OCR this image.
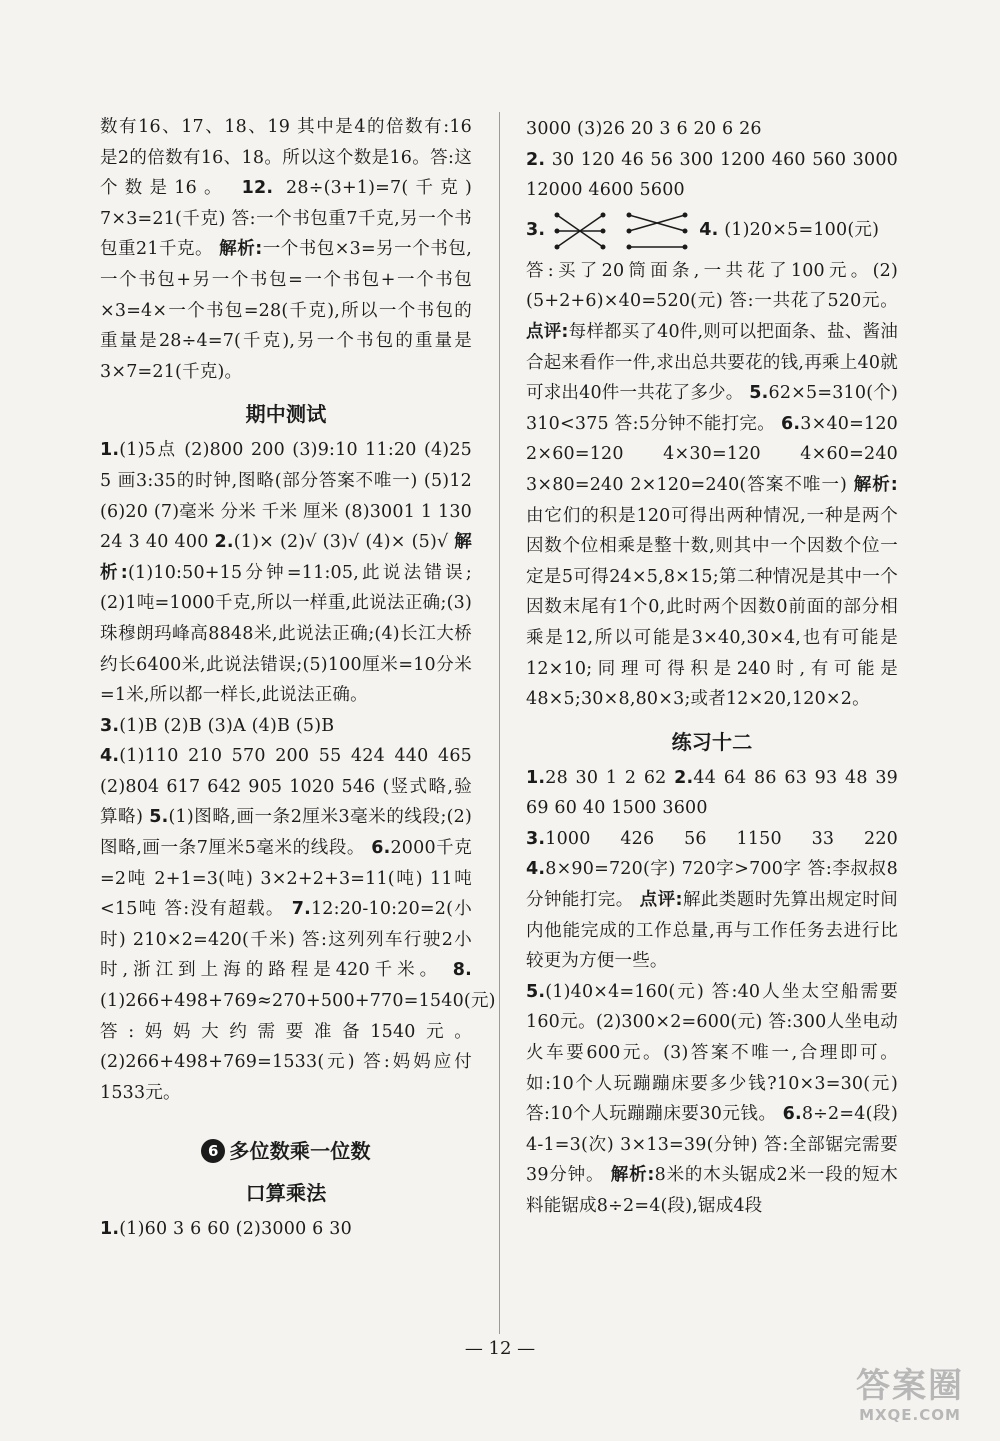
数有16、17、18、19 其中是4的倍数有:16 是2的倍数有16、18。所以这个数是16。答:这个数是16。 12. 28÷(3+1)=7(千克) 7×3=21(千克) 答:一个书包重7千克,另一个书包重21千克。 解析:一个书包×3=另一个书包,一个书包+另一个书包=一个书包+一个书包×3=4×一个书包=28(千克),所以一个书包的重量是28÷4=7(千克),另一个书包的重量是3×7=21(千克)。

期中测试

1.(1)5点 (2)800 200 (3)9:10 11:20 (4)25 5 画3:35的时钟,图略(部分答案不唯一) (5)12 (6)20 (7)毫米 分米 千米 厘米 (8)3001 1 130 24 3 40 400 2.(1)× (2)√ (3)√ (4)× (5)√ 解析:(1)10:50+15分钟=11:05,此说法错误;(2)1吨=1000千克,所以一样重,此说法正确;(3)珠穆朗玛峰高8848米,此说法正确;(4)长江大桥约长6400米,此说法错误;(5)100厘米=10分米=1米,所以都一样长,此说法正确。
3.(1)B (2)B (3)A (4)B (5)B
4.(1)110 210 570 200 55 424 440 465 (2)804 617 642 905 1020 546 (竖式略,验算略) 5.(1)图略,画一条2厘米3毫米的线段;(2)图略,画一条7厘米5毫米的线段。 6.2000千克=2吨 2+1=3(吨) 3×2+2+3=11(吨) 11吨<15吨 答:没有超载。 7.12:20-10:20=2(小时) 210×2=420(千米) 答:这列列车行驶2小时,浙江到上海的路程是420千米。 8.(1)266+498+769≈270+500+770=1540(元) 答:妈妈大约需要准备1540元。(2)266+498+769=1533(元) 答:妈妈应付1533元。

6 多位数乘一位数
口算乘法

1.(1)60 3 6 60 (2)3000 6 30

3000 (3)26 20 3 6 20 6 26
2. 30 120 46 56 300 1200 460 560 3000 12000 4600 5600

3.	4.
(1)20×5=100(元)

答:买了20筒面条,一共花了100元。(2)(5+2+6)×40=520(元) 答:一共花了520元。 点评:每样都买了40件,则可以把面条、盐、酱油合起来看作一件,求出总共要花的钱,再乘上40就可求出40件一共花了多少。 5.62×5=310(个) 310<375 答:5分钟不能打完。 6.3×40=120 2×60=120 4×30=120 4×60=240 3×80=240 2×120=240(答案不唯一) 解析:由它们的积是120可得出两种情况,一种是两个因数个位相乘是整十数,则其中一个因数个位一定是5可得24×5,8×15;第二种情况是其中一个因数末尾有1个0,此时两个因数0前面的部分相乘是12,所以可能是3×40,30×4,也有可能是12×10;同理可得积是240时,有可能是48×5;30×8,80×3;或者12×20,120×2。

练习十二

1.28 30 1 2 62 2.44 64 86 63 93 48 39 69 60 40 1500 3600
3.1000 426 56 1150 33 220 4.8×90=720(字) 720字>700字 答:李叔叔8分钟能打完。 点评:解此类题时先算出规定时间内他能完成的工作总量,再与工作任务去进行比较更为方便一些。
5.(1)40×4=160(元) 答:40人坐太空船需要160元。(2)300×2=600(元) 答:300人坐电动火车要600元。(3)答案不唯一,合理即可。如:10个人玩蹦蹦床要多少钱?10×3=30(元)答:10个人玩蹦蹦床要30元钱。 6.8÷2=4(段) 4-1=3(次) 3×13=39(分钟) 答:全部锯完需要39分钟。 解析:8米的木头锯成2米一段的短木料能锯成8÷2=4(段),锯成4段

— 12 —
答案圈
MXQE.COM
